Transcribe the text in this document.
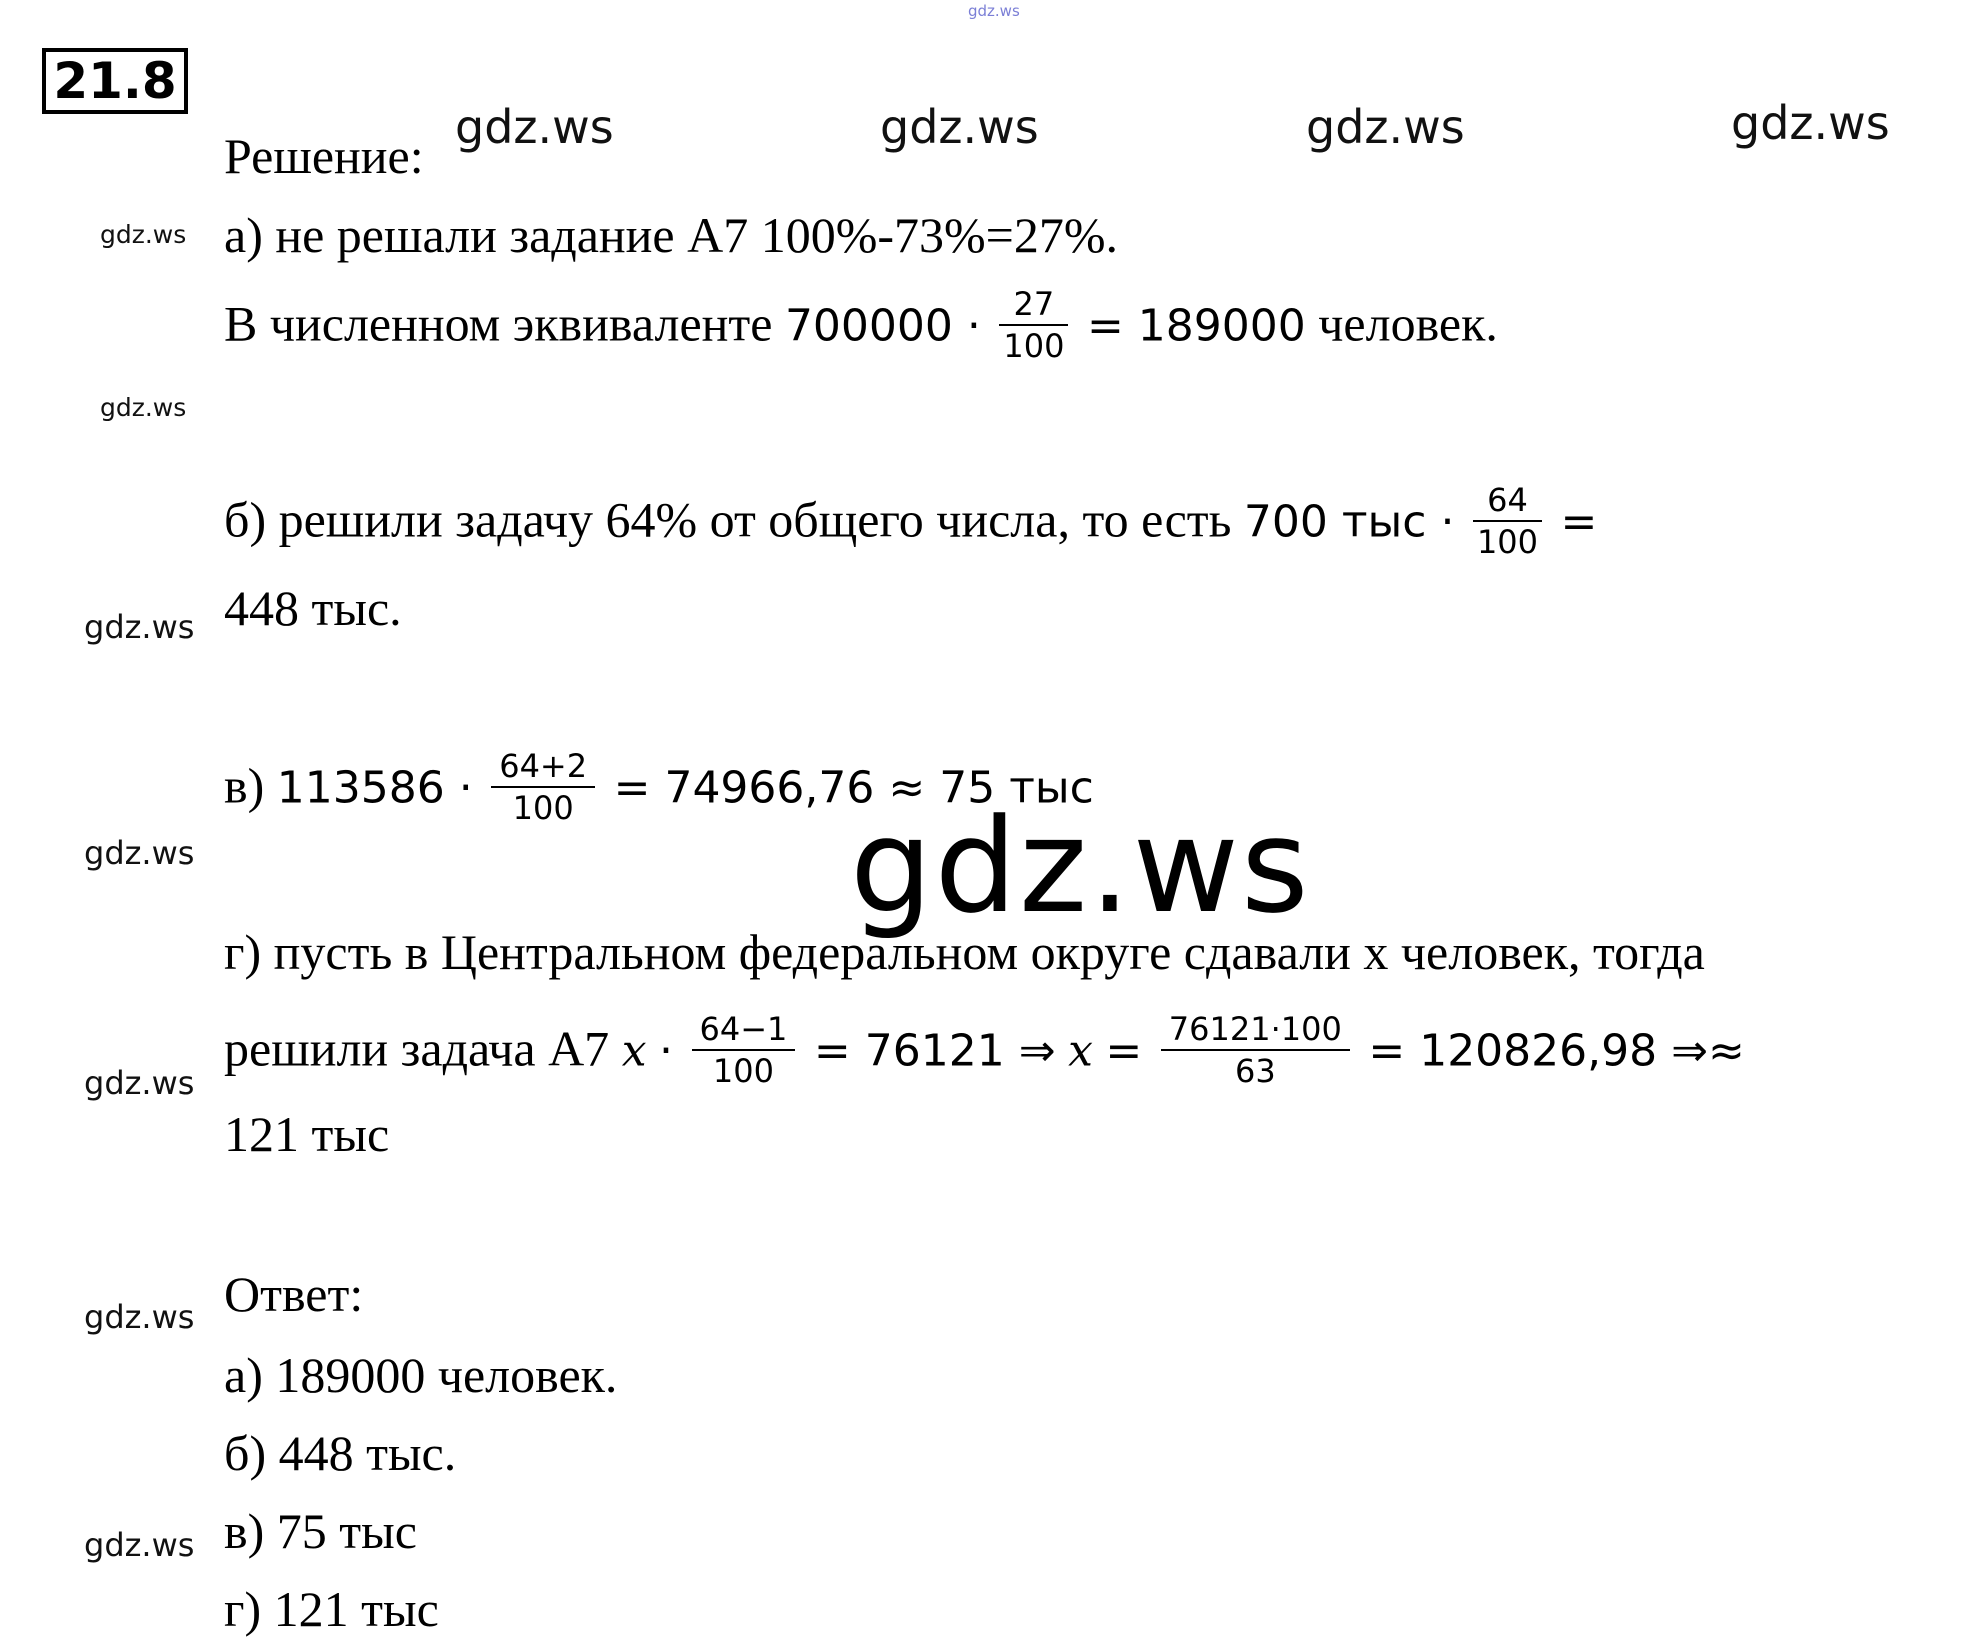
gdz.ws
21.8
gdz.ws	gdz.ws	gdz.ws	gdz.ws
gdz.ws
gdz.ws
gdz.ws
gdz.ws
gdz.ws
gdz.ws
gdz.ws
gdz.ws
Решение:
а) не решали задание А7 100%-73%=27%.
В численном эквиваленте $700000 \cdot \frac{27}{100} = 189000$ человек.
б) решили задачу 64% от общего числа, то есть 700 тыс · $\frac{64}{100}$ =
448 тыс.
в) $113586 \cdot \frac{64+2}{100} = 74966,76 \approx 75$ тыс
г) пусть в Центральном федеральном округе сдавали х человек, тогда
решили задача А7 $x \cdot \frac{64-1}{100} = 76121$ ⇒ $x = \frac{76121\cdot 100}{63} = 120826,98$ ⇒≈
121 тыс
Ответ:
а) 189000 человек.
б) 448 тыс.
в) 75 тыс
г) 121 тыс
